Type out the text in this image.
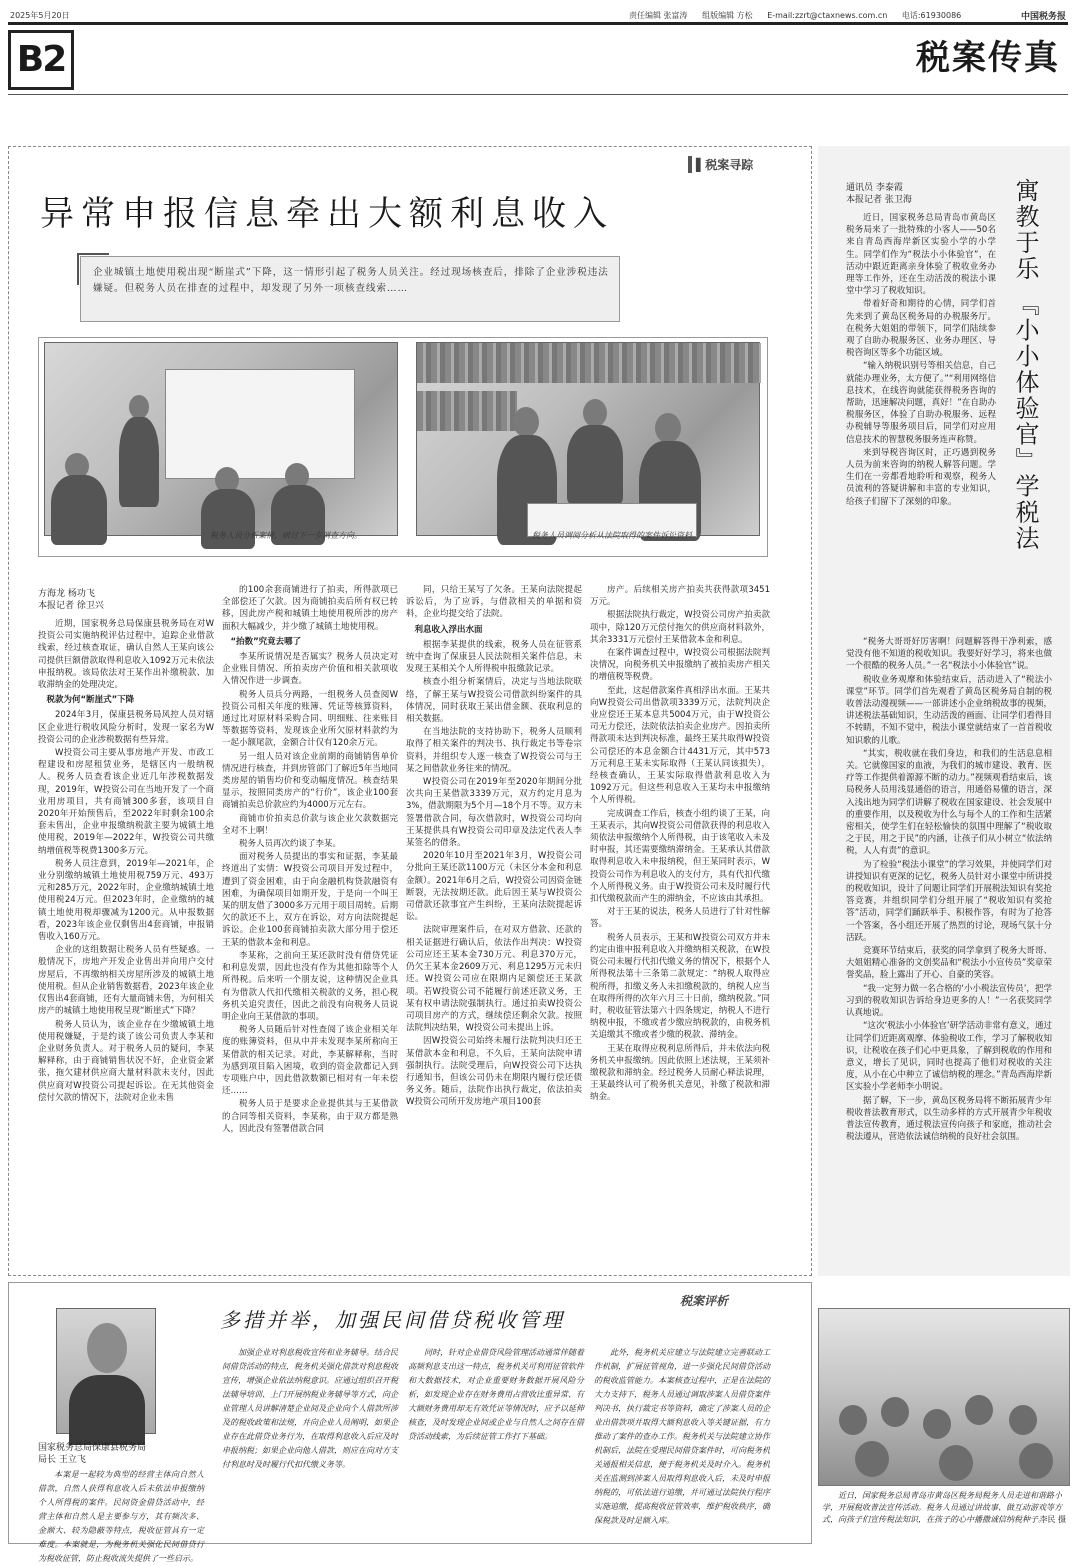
2025年5月20日	责任编辑 张富涛 组版编辑 方松 E-mail:zzrt@ctaxnews.com.cn 电话:61930086	中国税务报
B2	税案传真
▌税案寻踪
异常申报信息牵出大额利息收入
企业城镇土地使用税出现“断崖式”下降，这一情形引起了税务人员关注。经过现场核查后，排除了企业涉税违法嫌疑。但税务人员在排查的过程中，却发现了另外一项核查线索……
税务人员分析案情，研讨下一步调查方向。	税务人员调阅分析从法院取得的案件诉讼资料。
方海龙 杨功飞
本报记者 徐卫兴

近期，国家税务总局保康县税务局在对W投资公司实施纳税评估过程中，追踪企业借款线索，经过核查取证，确认自然人王某向该公司提供巨额借款取得利息收入1092万元未依法申报纳税。该局依法对王某作出补缴税款、加收滞纳金的处理决定。

税款为何“断崖式”下降

2024年3月，保康县税务局风控人员对辖区企业进行税收风险分析时，发现一家名为W投资公司的企业涉税数据有些异常。

W投资公司主要从事房地产开发、市政工程建设和房屋租赁业务，是辖区内一般纳税人。税务人员查看该企业近几年涉税数据发现，2019年，W投资公司在当地开发了一个商业用房项目，共有商铺300多套，该项目自2020年开始预售后，至2022年时剩余100余套未售出，企业申报缴纳税款主要为城镇土地使用税，2019年—2022年，W投资公司共缴纳增值税等税费1300多万元。

税务人员注意到，2019年—2021年，企业分别缴纳城镇土地使用税759万元、493万元和285万元，2022年时，企业缴纳城镇土地使用税24万元。但2023年时，企业缴纳的城镇土地使用税却骤减为1200元。从申报数据看，2023年该企业仅剩售出4套商铺，申报销售收入160万元。

企业的这组数据让税务人员有些疑惑。一般情况下，房地产开发企业售出并向用户交付房屋后，不再缴纳相关房屋所涉及的城镇土地使用税。但从企业销售数据看，2023年该企业仅售出4套商铺，还有大量商铺未售，为何相关房产的城镇土地使用税呈现“断崖式”下降？

税务人员认为，该企业存在少缴城镇土地使用税嫌疑，于是约谈了该公司负责人李某和企业财务负责人。对于税务人员的疑问，李某解释称，由于商铺销售状况不好，企业资金紧张，拖欠建材供应商大量材料款未支付，因此供应商对W投资公司提起诉讼。在无其他资金偿付欠款的情况下，法院对企业未售

的100余套商铺进行了拍卖，所得款项已全部偿还了欠款。因为商铺拍卖后所有权已转移，因此房产税和城镇土地使用税所涉的房产面积大幅减少，并少缴了城镇土地使用税。

“抬数”究竟去哪了

李某所说情况是否属实？税务人员决定对企业账目情况、所拍卖房产价值和相关款项收入情况作进一步调查。

税务人员兵分两路，一组税务人员查阅W投资公司相关年度的账簿、凭证等核算资料，通过比对原材料采购合同、明细账、往来账目等数据等资料，发现该企业所欠原材料款约为一起小额尾款，金额合计仅有120余万元。

另一组人员对该企业前期的商铺销售单价情况进行核查，并到房管部门了解近5年当地同类房屋的销售均价和变动幅度情况。核查结果显示，按照同类房产的“行价”，该企业100套商铺拍卖总价款应约为4000万元左右。

商铺市价拍卖总价款与该企业欠款数据完全对不上啊！

税务人员再次约谈了李某。

面对税务人员提出的事实和证据，李某最终道出了实情：W投资公司项目开发过程中，遭到了资金困难，由于向金融机构贷款融资有困难，为确保项目如期开发，于是向一个叫王某的朋友借了3000多万元用于项目周转。后期欠的款还不上，双方在诉讼，对方向法院提起诉讼。企业100套商铺拍卖款大部分用于偿还王某的借款本金和利息。

李某称，之前向王某还款时没有借贷凭证和利息发票，因此也没有作为其他扣除等个人所得税。后来听一个朋友说，这种情况企业具有为借款人代扣代缴相关税款的义务，担心税务机关追究责任，因此之前没有向税务人员说明企业向王某借款的事项。

税务人员随后针对性查阅了该企业相关年度的账簿资料，但从中并未发现李某所称向王某借款的相关记录。对此，李某解释称，当时为感到项目陷入困境，收到的资金款都记入到专项账户中，因此借款数额已相对有一年未偿还……

税务人员于是要求企业提供其与王某借款的合同等相关资料，李某称，由于双方都是熟人，因此没有签署借款合同

同，只给王某写了欠条。王某向法院提起诉讼后，为了应诉，与借款相关的单据和资料，企业均提交给了法院。

利息收入浮出水面

根据李某提供的线索，税务人员在征管系统中查询了保康县人民法院相关案件信息，未发现王某相关个人所得税申报缴款记录。

核查小组分析案情后，决定与当地法院联络，了解王某与W投资公司借款纠纷案件的具体情况，同时获取王某出借金额、获取利息的相关数据。

在当地法院的支持协助下，税务人员顺利取得了相关案件的判决书、执行裁定书等卷宗资料，并组织专人逐一核查了W投资公司与王某之间借款业务往来的情况。

W投资公司在2019年至2020年期间分批次共向王某借款3339万元，双方约定月息为3%，借款期限为5个月—18个月不等。双方未签署借款合同，每次借款时，W投资公司均向王某提供具有W投资公司印章及法定代表人李某签名的借条。

2020年10月至2021年3月，W投资公司分批向王某还款1100万元（未区分本金和利息金额）。2021年6月之后，W投资公司因资金链断裂，无法按期还款。此后因王某与W投资公司借款还款事宜产生纠纷，王某向法院提起诉讼。

法院审理案件后，在对双方借款、还款的相关证据进行确认后，依法作出判决：W投资公司应还王某本金730万元、利息370万元，仍欠王某本金2609万元、利息1295万元未归还。W投资公司应在限期内足额偿还王某款项。若W投资公司不能履行前述还款义务，王某有权申请法院强制执行。通过拍卖W投资公司项目房产的方式，继续偿还剩余欠款。按照法院判决结果，W投资公司未提出上诉。

因W投资公司始终未履行法院判决归还王某借款本金和利息，不久后，王某向法院申请强制执行。法院受理后，向W投资公司下达执行通知书，但该公司仍未在期限内履行偿还债务义务。随后，法院作出执行裁定，依法拍卖W投资公司所开发房地产项目100套

房产。后续相关房产拍卖共获得款项3451万元。

根据法院执行裁定，W投资公司房产拍卖款项中，除120万元偿付拖欠的供应商材料款外，其余3331万元偿付王某借款本金和利息。

在案件调查过程中，W投资公司根据法院判决情况，向税务机关申报缴纳了被拍卖房产相关的增值税等税费。

至此，这起借款案件真相浮出水面。王某共向W投资公司出借款项3339万元，法院判决企业应偿还王某本息共5004万元，由于W投资公司无力偿还，法院依法拍卖企业房产。因拍卖所得款项未达到判决标准，最终王某共取得W投资公司偿还的本息金额合计4431万元，其中573万元利息王某未实际取得（王某认同该损失），经核查确认，王某实际取得借款利息收入为1092万元。但这些利息收入王某均未申报缴纳个人所得税。

完成调查工作后，核查小组约谈了王某，向王某表示，其向W投资公司借款获得的利息收入须依法申报缴纳个人所得税，由于该笔收入未及时申报，其还需要缴纳滞纳金。王某承认其借款取得利息收入未申报纳税，但王某同时表示，W投资公司作为利息收入的支付方，具有代扣代缴个人所得税义务。由于W投资公司未及时履行代扣代缴税款而产生的滞纳金，不应该由其承担。

对于王某的说法，税务人员进行了针对性解答。

税务人员表示，王某和W投资公司双方并未约定由谁申报利息收入并缴纳相关税款，在W投资公司未履行代扣代缴义务的情况下，根据个人所得税法第十三条第二款规定：“纳税人取得应税所得，扣缴义务人未扣缴税款的，纳税人应当在取得所得的次年六月三十日前，缴纳税款。”同时，税收征管法第六十四条规定，纳税人不进行纳税申报，不缴或者少缴应纳税款的，由税务机关追缴其不缴或者少缴的税款、滞纳金。

王某在取得应税利息所得后，并未依法向税务机关申报缴纳。因此依照上述法规，王某须补缴税款和滞纳金。经过税务人员耐心释法说理，王某最终认可了税务机关意见，补缴了税款和滞纳金。

寓教于乐 『小小体验官』学税法
通讯员 李泰霞
本报记者 张卫海

近日，国家税务总局青岛市黄岛区税务局来了一批特殊的小客人——50名来自青岛西海岸新区实验小学的小学生。同学们作为“税法小小体验官”，在活动中跟近距离亲身体验了税收业务办理等工作外，还在生动活泼的税法小课堂中学习了税收知识。

带着好奇和期待的心情，同学们首先来到了黄岛区税务局的办税服务厅。在税务大姐姐的带领下，同学们陆续参观了自助办税服务区、业务办理区、导税咨询区等多个功能区域。

“输入纳税识别号等相关信息，自己就能办理业务，太方便了。”“利用网络信息技术，在线咨询就能获得税务咨询的帮助，迅速解决问题，真好！”在自助办税服务区，体验了自助办税服务、远程办税辅导等服务项目后，同学们对应用信息技术的智慧税务服务连声称赞。

来到导税咨询区时，正巧遇到税务人员为前来咨询的纳税人解答问题。学生们在一旁都看地聆听和观察，税务人员流利的答疑讲解和丰富的专业知识，给孩子们留下了深刻的印象。

“税务大哥哥好厉害啊！问题解答得干净利索，感觉没有他不知道的税收知识。我要好好学习，将来也做一个很酷的税务人员。”一名“税法小小体验官”说。

税收业务观摩和体验结束后，活动进入了“税法小课堂”环节。同学们首先观看了黄岛区税务局自制的税收普法动漫视频——一部讲述小企业纳税故事的视频，讲述税法基础知识，生动活泼的画面、让同学们看得目不转睛，不知不觉中，税法小课堂就结束了一首首税收知识歌的儿歌。

“其实，税收就在我们身边，和我们的生活息息相关。它就像国家的血液，为我们的城市建设、教育、医疗等工作提供着源源不断的动力。”视频观看结束后，该局税务人员用浅显通俗的语言，用通俗易懂的语言，深入浅出地为同学们讲解了税收在国家建设、社会发展中的重要作用，以及税收为什么与每个人的工作和生活紧密相关，使学生们在轻松愉快的氛围中理解了“税收取之于民，用之于民”的内涵，让孩子们从小树立“依法纳税，人人有责”的意识。

为了检验“税法小课堂”的学习效果，并使同学们对讲授知识有更深的记忆，税务人员针对小课堂中所讲授的税收知识，设计了问题让同学们开展税法知识有奖抢答竞赛，并组织同学们分组开展了“税收知识有奖抢答”活动，同学们踊跃举手、积极作答，有时为了抢答一个答案，各小组还开展了热烈的讨论，现场气氛十分活跃。

竞赛环节结束后，获奖的同学拿到了税务大哥哥、大姐姐精心准备的文创奖品和“税法小小宣传员”奖章荣誉奖品，脸上露出了开心、自豪的笑容。

“我一定努力做一名合格的‘小小税法宣传员’，把学习到的税收知识告诉给身边更多的人！”一名获奖同学认真地说。

“这次‘税法小小体验官’研学活动非常有意义，通过让同学们近距离观摩、体验税收工作，学习了解税收知识，让税收在孩子们心中更具象，了解到税收的作用和意义，增长了见识，同时也提高了他们对税收的关注度，从小在心中种立了诚信纳税的理念。”青岛西海岸新区实验小学老师李小明说。

据了解，下一步，黄岛区税务局将不断拓展青少年税收普法教育形式，以生动多样的方式开展青少年税收普法宣传教育，通过税法宣传向孩子和家庭，推动社会税法遵从，营造依法诚信纳税的良好社会氛围。

税案评析
多措并举，加强民间借贷税收管理
国家税务总局保康县税务局
局长 王立飞

本案是一起较为典型的经营主体向自然人借款，自然人获得利息收入后未依法申报缴纳个人所得税的案件。民间资金借贷活动中，经营主体和自然人是主要参与方，其有频次多、金额大、较为隐蔽等特点，税收征管具有一定难度。本案就是，为税务机关强化民间借贷行为税收征管，防止税收流失提供了一些启示。

加强企业对利息税收宣传和业务辅导。结合民间借贷活动的特点，税务机关强化借款对利息税收宣传，增强企业依法纳税意识。应通过组织召开税法辅导培训、上门开展纳税业务辅导等方式，向企业管理人员讲解清楚企业间及企业向个人借款所涉及的税收政策和法规，并向企业人员阐明，如果企业存在此借贷业务行为，在取得利息收入后应及时申报纳税；如果企业向他人借款，则应在向对方支付利息时及时履行代扣代缴义务等。

同时，针对企业借贷风险管理活动通常伴随着高频利息支出这一特点，税务机关可利用征管软件和大数据技术，对企业重要财务数据开展风险分析，如发现企业存在财务费用占营收比重异常、有大额财务费用却无有效凭证等情况时，应予以延伸核查，及时发现企业间或企业与自然人之间存在借贷活动线索，为后续征管工作打下基础。

此外，税务机关应建立与法院建立完善联动工作机制，扩展征管视角，进一步强化民间借贷活动的税收监管能力。本案核查过程中，正是在法院的大力支持下，税务人员通过调取涉案人员借贷案件判决书，执行裁定书等资料，确定了涉案人员的企业出借款项并取得大额利息收入等关键证据，有力推动了案件的查办工作。税务机关与法院建立协作机制后，法院在受理民间借贷案件时，可向税务机关通报相关信息，便于税务机关及时介入。税务机关在监测到涉案人员取得利息收入后，未及时申报纳税的，可依法进行追缴，并可通过法院执行程序实施追缴，提高税收征管效率，维护税收秩序，确保税款及时足额入库。

近日，国家税务总局青岛市黄岛区税务局税务人员走进和谐路小学，开展税收普法宣传活动。税务人员通过讲故事、做互动游戏等方式，向孩子们宣传税法知识，在孩子的心中播撒诚信纳税种子。
李民 摄
